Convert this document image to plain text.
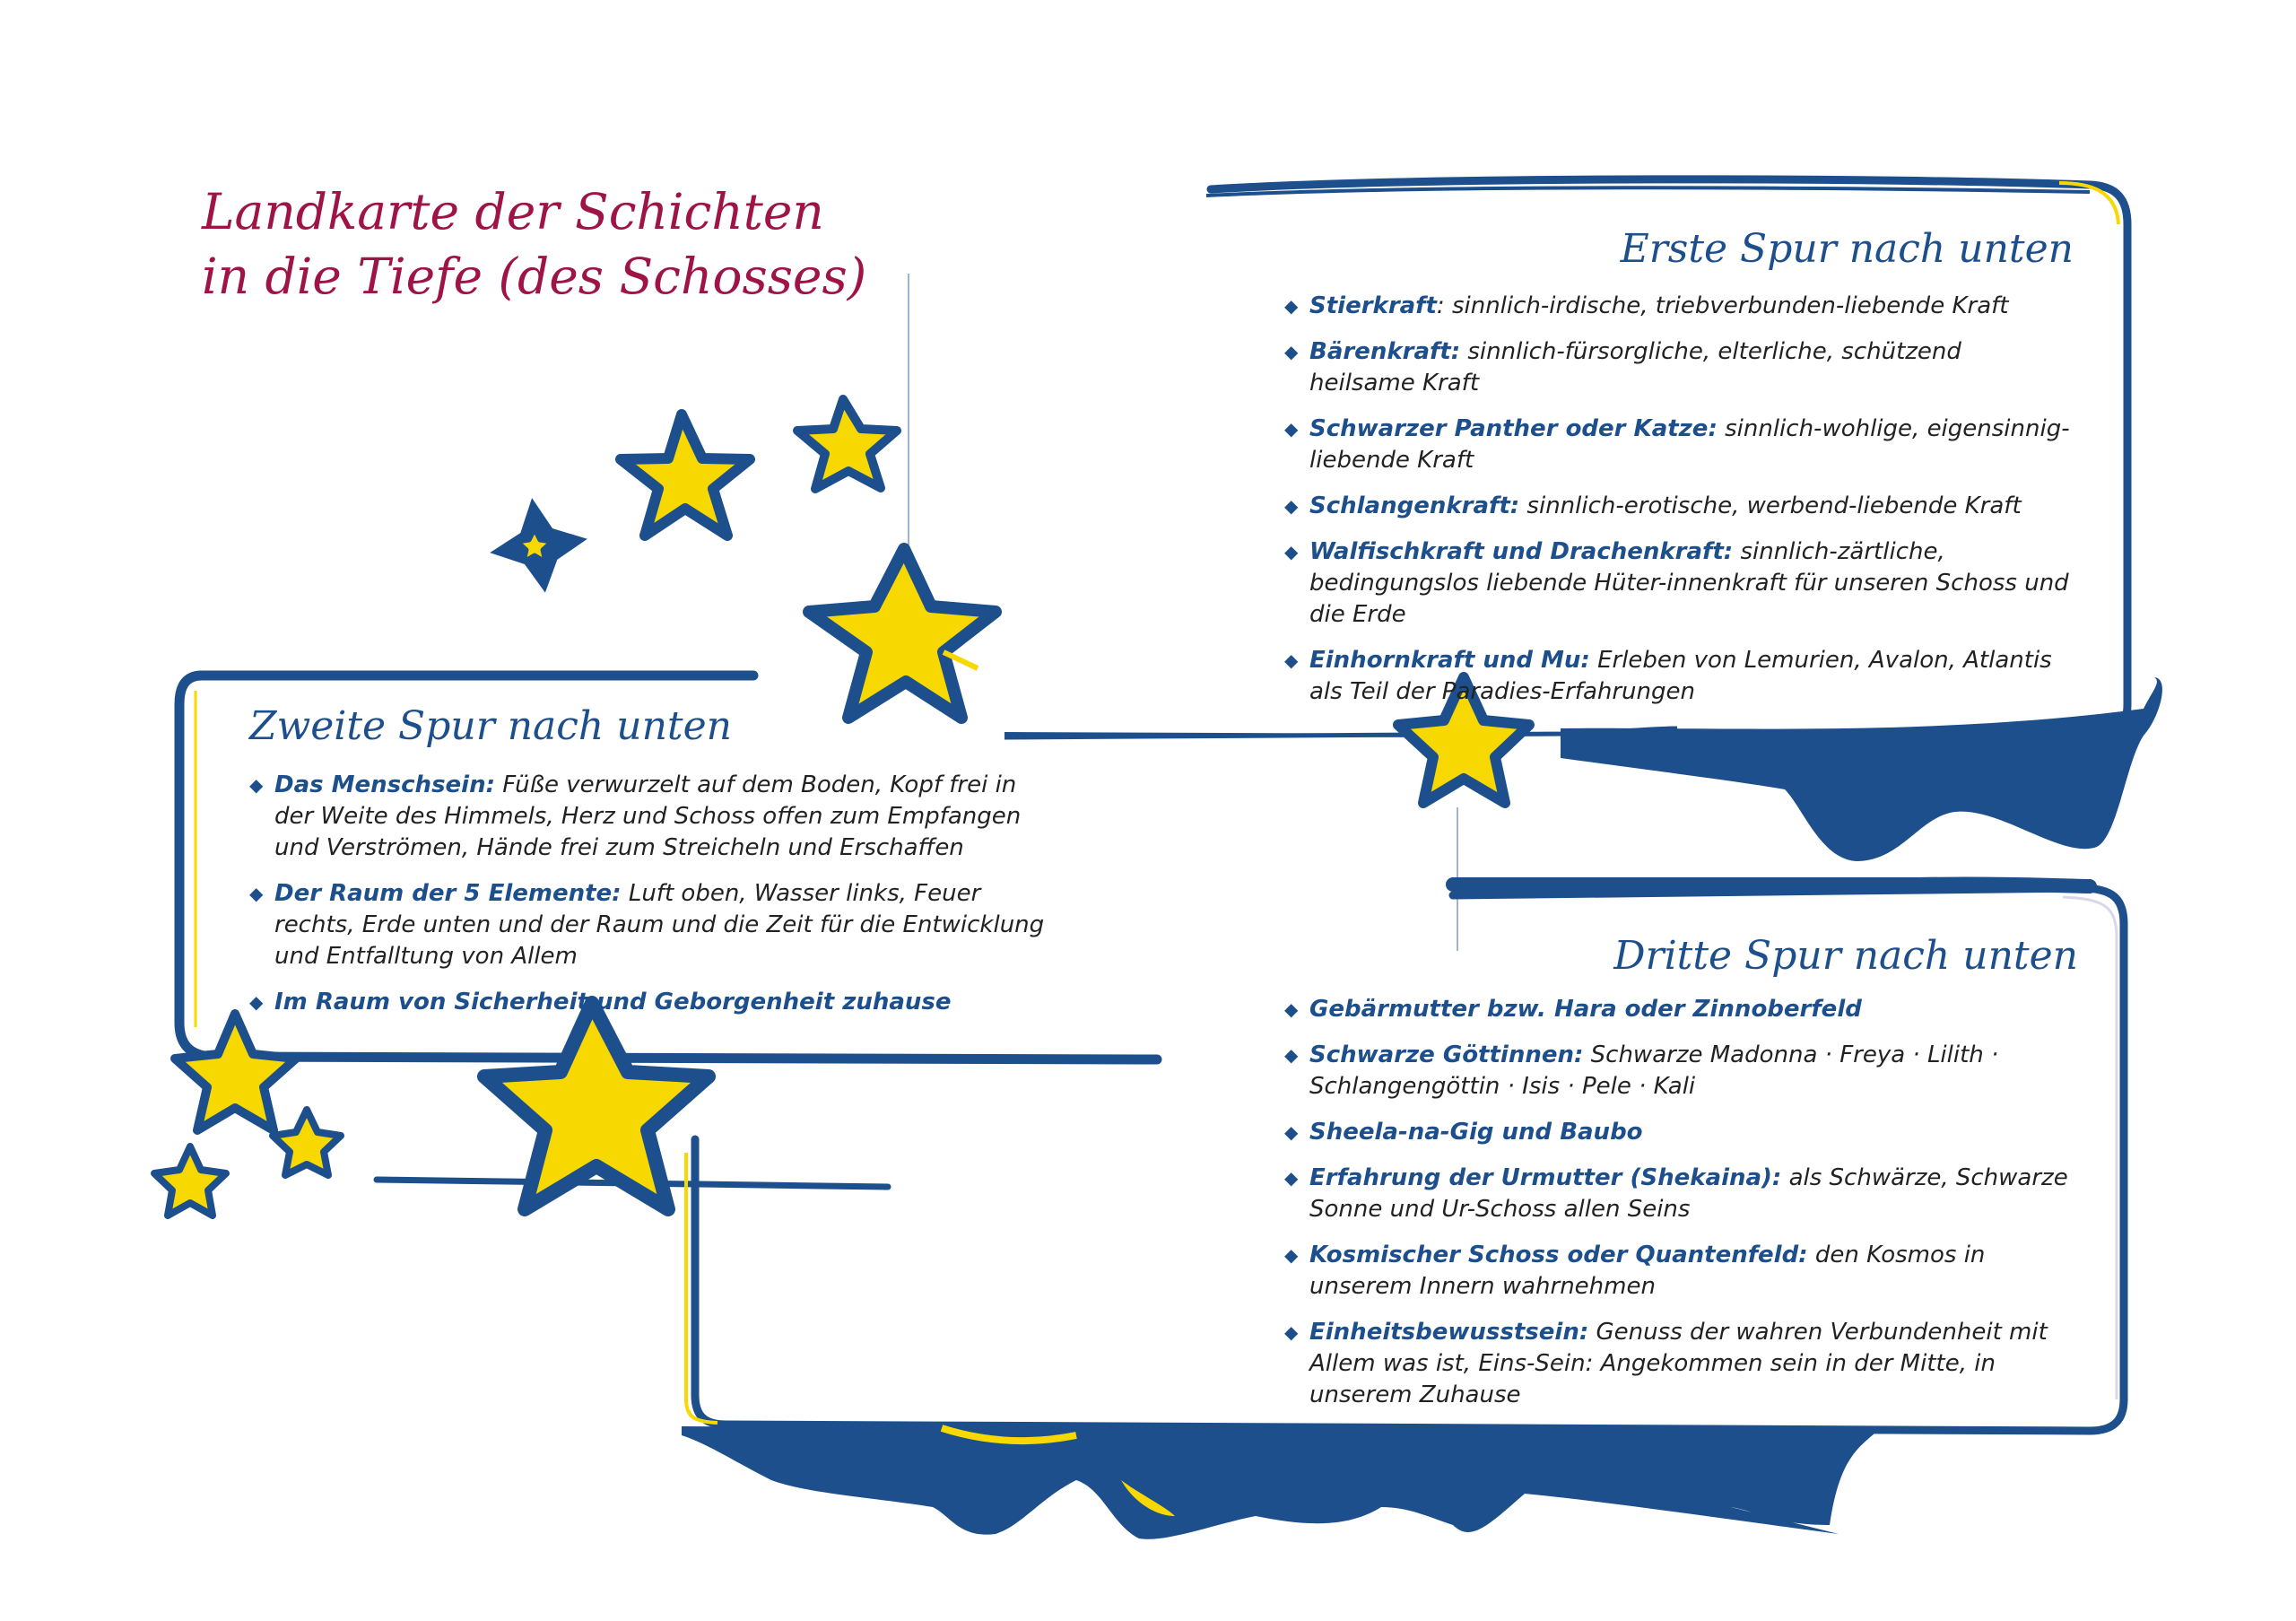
Landkarte der Schichten
in die Tiefe (des Schosses)	Erste Spur nach unten
◆ Stierkraft: sinnlich-irdische, triebverbunden-liebende Kraft
◆ Bärenkraft: sinnlich-fürsorgliche, elterliche, schützend heilsame Kraft
◆ Schwarzer Panther oder Katze: sinnlich-wohlige, eigensinnig-liebende Kraft
◆ Schlangenkraft: sinnlich-erotische, werbend-liebende Kraft
◆ Walfischkraft und Drachenkraft: sinnlich-zärtliche, bedingungslos liebende Hüter-innenkraft für unseren Schoss und die Erde
◆ Einhornkraft und Mu: Erleben von Lemurien, Avalon, Atlantis als Teil der Paradies-Erfahrungen
Zweite Spur nach unten
◆ Das Menschsein: Füße verwurzelt auf dem Boden, Kopf frei in der Weite des Himmels, Herz und Schoss offen zum Empfangen und Verströmen, Hände frei zum Streicheln und Erschaffen
◆ Der Raum der 5 Elemente: Luft oben, Wasser links, Feuer rechts, Erde unten und der Raum und die Zeit für die Entwicklung und Entfalltung von Allem
◆ Im Raum von Sicherheit und Geborgenheit zuhause
Dritte Spur nach unten
◆ Gebärmutter bzw. Hara oder Zinnoberfeld
◆ Schwarze Göttinnen: Schwarze Madonna · Freya · Lilith · Schlangengöttin · Isis · Pele · Kali
◆ Sheela-na-Gig und Baubo
◆ Erfahrung der Urmutter (Shekaina): als Schwärze, Schwarze Sonne und Ur-Schoss allen Seins
◆ Kosmischer Schoss oder Quantenfeld: den Kosmos in unserem Innern wahrnehmen
◆ Einheitsbewusstsein: Genuss der wahren Verbundenheit mit Allem was ist, Eins-Sein: Angekommen sein in der Mitte, in unserem Zuhause
